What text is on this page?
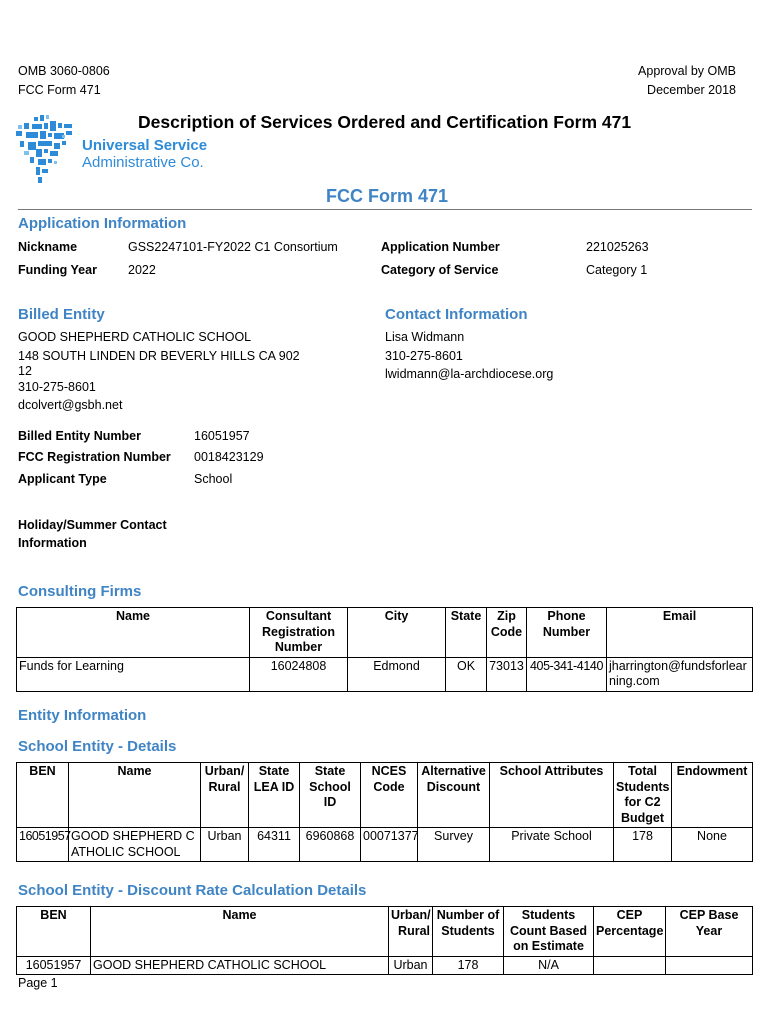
OMB 3060-0806
FCC Form 471
Approval by OMB
December 2018
Description of Services Ordered and Certification Form 471
Universal Service
Administrative Co.
FCC Form 471
Application Information
Nickname	GSS2247101-FY2022 C1 Consortium
Funding Year 2022
Application Number	221025263
Category of Service	Category 1
Billed Entity
GOOD SHEPHERD CATHOLIC SCHOOL
148 SOUTH LINDEN DR BEVERLY HILLS CA 902
12
310-275-8601
dcolvert@gsbh.net
Billed Entity Number	16051957
FCC Registration Number 0018423129
Applicant Type	School
Holiday/Summer Contact
Information
Contact Information
Lisa Widmann
310-275-8601
lwidmann@la-archdiocese.org
Consulting Firms
Name	Consultant Registration Number	City	State	Zip Code	Phone Number	Email
Funds for Learning	16024808	Edmond	OK	73013	405-341-4140	jharrington@fundsforlearning.com
Entity Information
School Entity - Details
BEN	Name	Urban/ Rural	State LEA ID	State School ID	NCES Code	Alternative Discount	School Attributes	Total Students for C2 Budget	Endowment
16051957	GOOD SHEPHERD CATHOLIC SCHOOL	Urban	64311	6960868	00071377	Survey	Private School	178	None
School Entity - Discount Rate Calculation Details
BEN	Name	Urban/ Rural	Number of Students	Students Count Based on Estimate	CEP Percentage	CEP Base Year
16051957	GOOD SHEPHERD CATHOLIC SCHOOL	Urban	178	N/A		
Page 1
